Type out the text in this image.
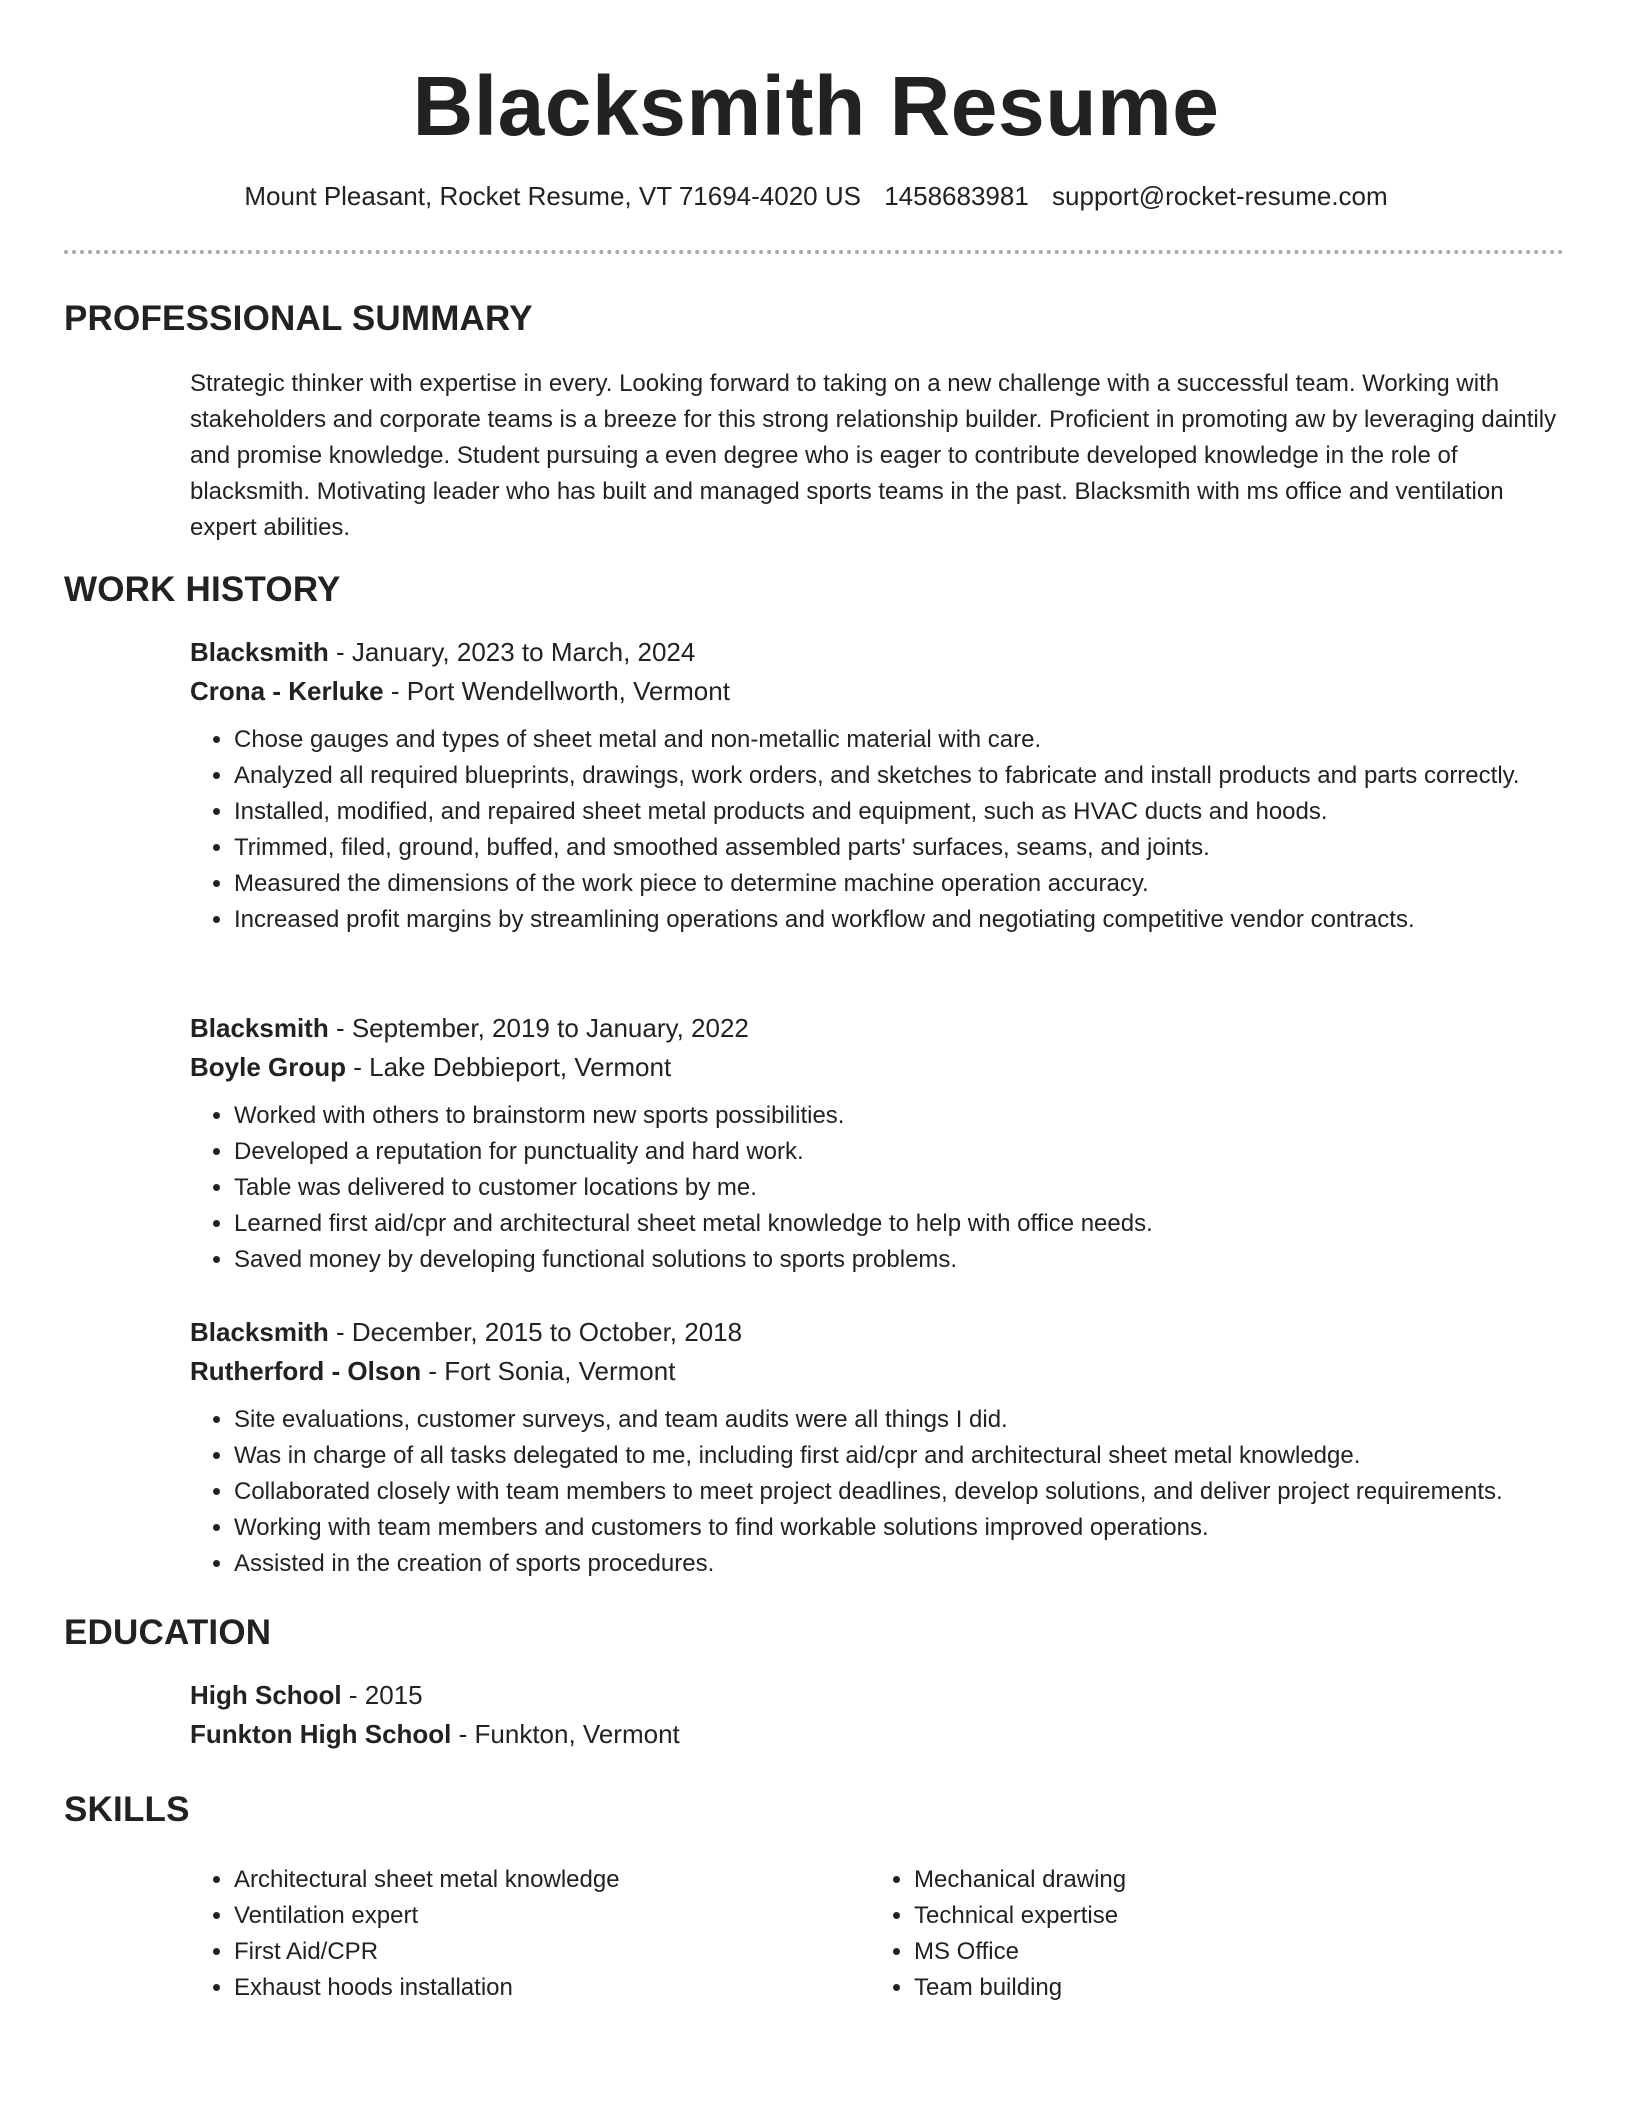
Blacksmith Resume
Mount Pleasant, Rocket Resume, VT 71694-4020 US 1458683981 support@rocket-resume.com
PROFESSIONAL SUMMARY
Strategic thinker with expertise in every. Looking forward to taking on a new challenge with a successful team. Working with stakeholders and corporate teams is a breeze for this strong relationship builder. Proficient in promoting aw by leveraging daintily and promise knowledge. Student pursuing a even degree who is eager to contribute developed knowledge in the role of blacksmith. Motivating leader who has built and managed sports teams in the past. Blacksmith with ms office and ventilation expert abilities.
WORK HISTORY

Blacksmith - January, 2023 to March, 2024

Crona - Kerluke - Port Wendellworth, Vermont

• Chose gauges and types of sheet metal and non-metallic material with care.
• Analyzed all required blueprints, drawings, work orders, and sketches to fabricate and install products and parts correctly.
• Installed, modified, and repaired sheet metal products and equipment, such as HVAC ducts and hoods.
• Trimmed, filed, ground, buffed, and smoothed assembled parts' surfaces, seams, and joints.
• Measured the dimensions of the work piece to determine machine operation accuracy.
• Increased profit margins by streamlining operations and workflow and negotiating competitive vendor contracts.

Blacksmith - September, 2019 to January, 2022

Boyle Group - Lake Debbieport, Vermont

• Worked with others to brainstorm new sports possibilities.
• Developed a reputation for punctuality and hard work.
• Table was delivered to customer locations by me.
• Learned first aid/cpr and architectural sheet metal knowledge to help with office needs.
• Saved money by developing functional solutions to sports problems.

Blacksmith - December, 2015 to October, 2018

Rutherford - Olson - Fort Sonia, Vermont

• Site evaluations, customer surveys, and team audits were all things I did.
• Was in charge of all tasks delegated to me, including first aid/cpr and architectural sheet metal knowledge.
• Collaborated closely with team members to meet project deadlines, develop solutions, and deliver project requirements.
• Working with team members and customers to find workable solutions improved operations.
• Assisted in the creation of sports procedures.
EDUCATION

High School - 2015

Funkton High School - Funkton, Vermont

SKILLS
• Architectural sheet metal knowledge
• Ventilation expert
• First Aid/CPR
• Exhaust hoods installation
• Mechanical drawing
• Technical expertise
• MS Office
• Team building
